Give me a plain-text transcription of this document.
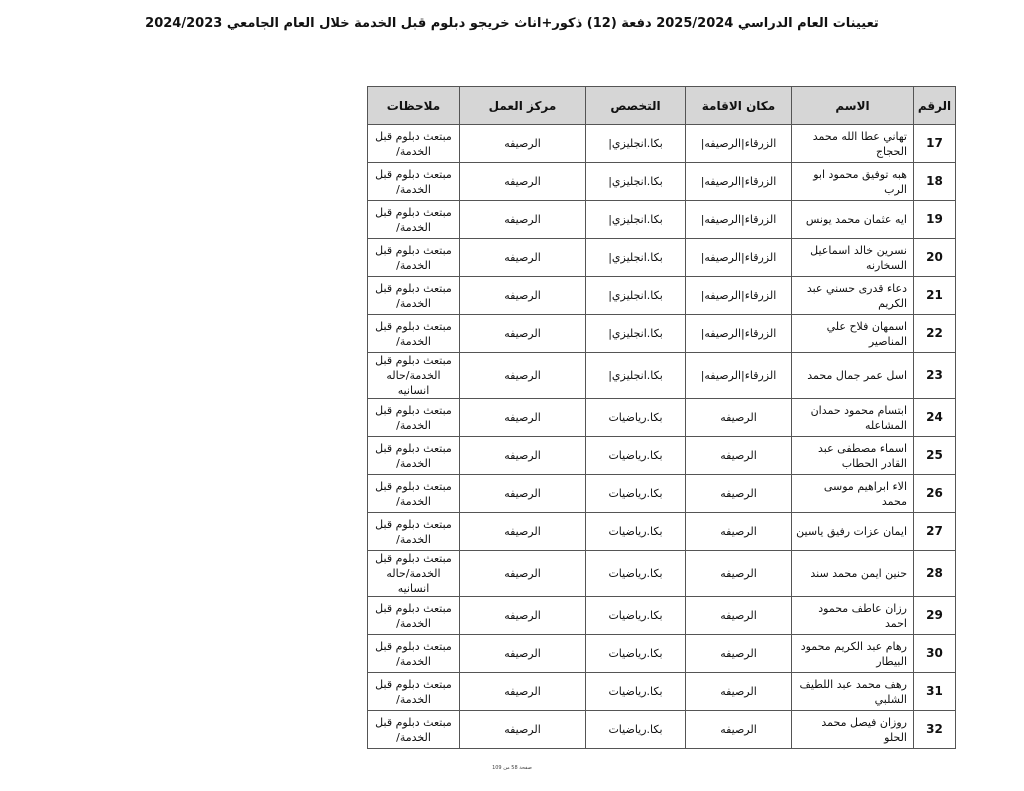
تعيينات العام الدراسي 2025/2024 دفعة (12) ذكور+اناث خريجو دبلوم قبل الخدمة خلال العام الجامعي 2024/2023
الرقم	الاسم	مكان الاقامة	التخصص	مركز العمل	ملاحظات
17	تهاني عطا الله محمد الحجاج	الزرقاء|الرصيفه|	بكا.انجليزي|	الرصيفه	مبتعث دبلوم قبل الخدمة/
18	هبه توفيق محمود ابو الرب	الزرقاء|الرصيفه|	بكا.انجليزي|	الرصيفه	مبتعث دبلوم قبل الخدمة/
19	ايه عثمان محمد يونس	الزرقاء|الرصيفه|	بكا.انجليزي|	الرصيفه	مبتعث دبلوم قبل الخدمة/
20	نسرين خالد اسماعيل السخارنه	الزرقاء|الرصيفه|	بكا.انجليزي|	الرصيفه	مبتعث دبلوم قبل الخدمة/
21	دعاء قدرى حسني عبد الكريم	الزرقاء|الرصيفه|	بكا.انجليزي|	الرصيفه	مبتعث دبلوم قبل الخدمة/
22	اسمهان فلاح علي المناصير	الزرقاء|الرصيفه|	بكا.انجليزي|	الرصيفه	مبتعث دبلوم قبل الخدمة/
23	اسل عمر جمال محمد	الزرقاء|الرصيفه|	بكا.انجليزي|	الرصيفه	مبتعث دبلوم قبل الخدمة/حاله انسانيه
24	ابتسام محمود حمدان المشاعله	الرصيفه	بكا.رياضيات	الرصيفه	مبتعث دبلوم قبل الخدمة/
25	اسماء مصطفى عبد القادر الحطاب	الرصيفه	بكا.رياضيات	الرصيفه	مبتعث دبلوم قبل الخدمة/
26	الاء ابراهيم موسى محمد	الرصيفه	بكا.رياضيات	الرصيفه	مبتعث دبلوم قبل الخدمة/
27	ايمان عزات رفيق ياسين	الرصيفه	بكا.رياضيات	الرصيفه	مبتعث دبلوم قبل الخدمة/
28	حنين ايمن محمد سند	الرصيفه	بكا.رياضيات	الرصيفه	مبتعث دبلوم قبل الخدمة/حاله انسانيه
29	رزان عاطف محمود احمد	الرصيفه	بكا.رياضيات	الرصيفه	مبتعث دبلوم قبل الخدمة/
30	رهام عبد الكريم محمود البيطار	الرصيفه	بكا.رياضيات	الرصيفه	مبتعث دبلوم قبل الخدمة/
31	رهف محمد عبد اللطيف الشلبي	الرصيفه	بكا.رياضيات	الرصيفه	مبتعث دبلوم قبل الخدمة/
32	روزان فيصل محمد الحلو	الرصيفه	بكا.رياضيات	الرصيفه	مبتعث دبلوم قبل الخدمة/
صفحة 58 من 109
